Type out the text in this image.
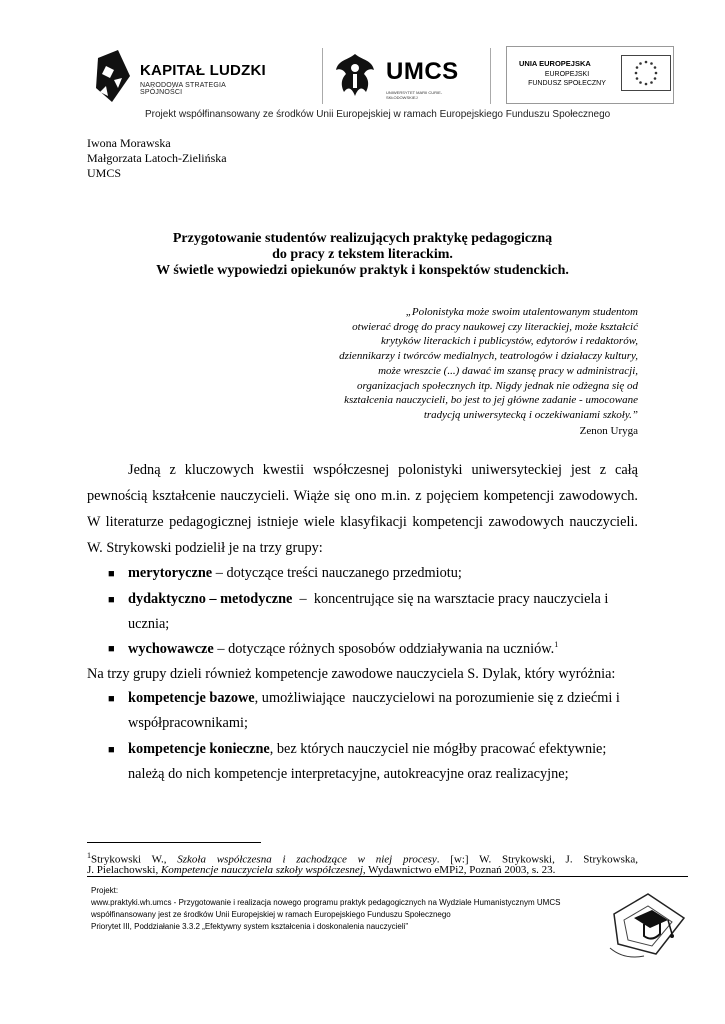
KAPITAŁ LUDZKI
NARODOWA STRATEGIA SPÓJNOŚCI
UMCS
UNIWERSYTET MARII CURIE-SKŁODOWSKIEJ
UNIA EUROPEJSKA
EUROPEJSKI
FUNDUSZ SPOŁECZNY
Projekt współfinansowany ze środków Unii Europejskiej w ramach Europejskiego Funduszu Społecznego
Iwona Morawska
Małgorzata Latoch-Zielińska
UMCS
Przygotowanie studentów realizujących praktykę pedagogiczną
do pracy z tekstem literackim.
W świetle wypowiedzi opiekunów praktyk i konspektów studenckich.
„Polonistyka może swoim utalentowanym studentom
otwierać drogę do pracy naukowej czy literackiej, może kształcić
krytyków literackich i publicystów, edytorów i redaktorów,
dziennikarzy i twórców medialnych, teatrologów i działaczy kultury,
może wreszcie (...) dawać im szansę pracy w administracji,
organizacjach społecznych itp. Nigdy jednak nie odżegna się od
kształcenia nauczycieli, bo jest to jej główne zadanie - umocowane
tradycją uniwersytecką i oczekiwaniami szkoły.”
Zenon Uryga
Jedną z kluczowych kwestii współczesnej polonistyki uniwersyteckiej jest z całą
pewnością kształcenie nauczycieli. Wiąże się ono m.in. z pojęciem kompetencji zawodowych.
W literaturze pedagogicznej istnieje wiele klasyfikacji kompetencji zawodowych nauczycieli.
W. Strykowski podzielił je na trzy grupy:
■ merytoryczne – dotyczące treści nauczanego przedmiotu;
■ dydaktyczno – metodyczne  –  koncentrujące się na warsztacie pracy nauczyciela i
ucznia;
■ wychowawcze – dotyczące różnych sposobów oddziaływania na uczniów.$^1$
Na trzy grupy dzieli również kompetencje zawodowe nauczyciela S. Dylak, który wyróżnia:
■ kompetencje bazowe, umożliwiające  nauczycielowi na porozumienie się z dziećmi i
współpracownikami;
■ kompetencje konieczne, bez których nauczyciel nie mógłby pracować efektywnie;
należą do nich kompetencje interpretacyjne, autokreacyjne oraz realizacyjne;
$^1$Strykowski W., Szkoła współczesna i zachodzące w niej procesy. [w:] W. Strykowski, J. Strykowska,
J. Pielachowski, Kompetencje nauczyciela szkoły współczesnej, Wydawnictwo eMPi2, Poznań 2003, s. 23.
Projekt:
www.praktyki.wh.umcs - Przygotowanie i realizacja nowego programu praktyk pedagogicznych na Wydziale Humanistycznym UMCS
współfinansowany jest ze środków Unii Europejskiej w ramach Europejskiego Funduszu Społecznego
Priorytet III, Poddziałanie 3.3.2 „Efektywny system kształcenia i doskonalenia nauczycieli”
